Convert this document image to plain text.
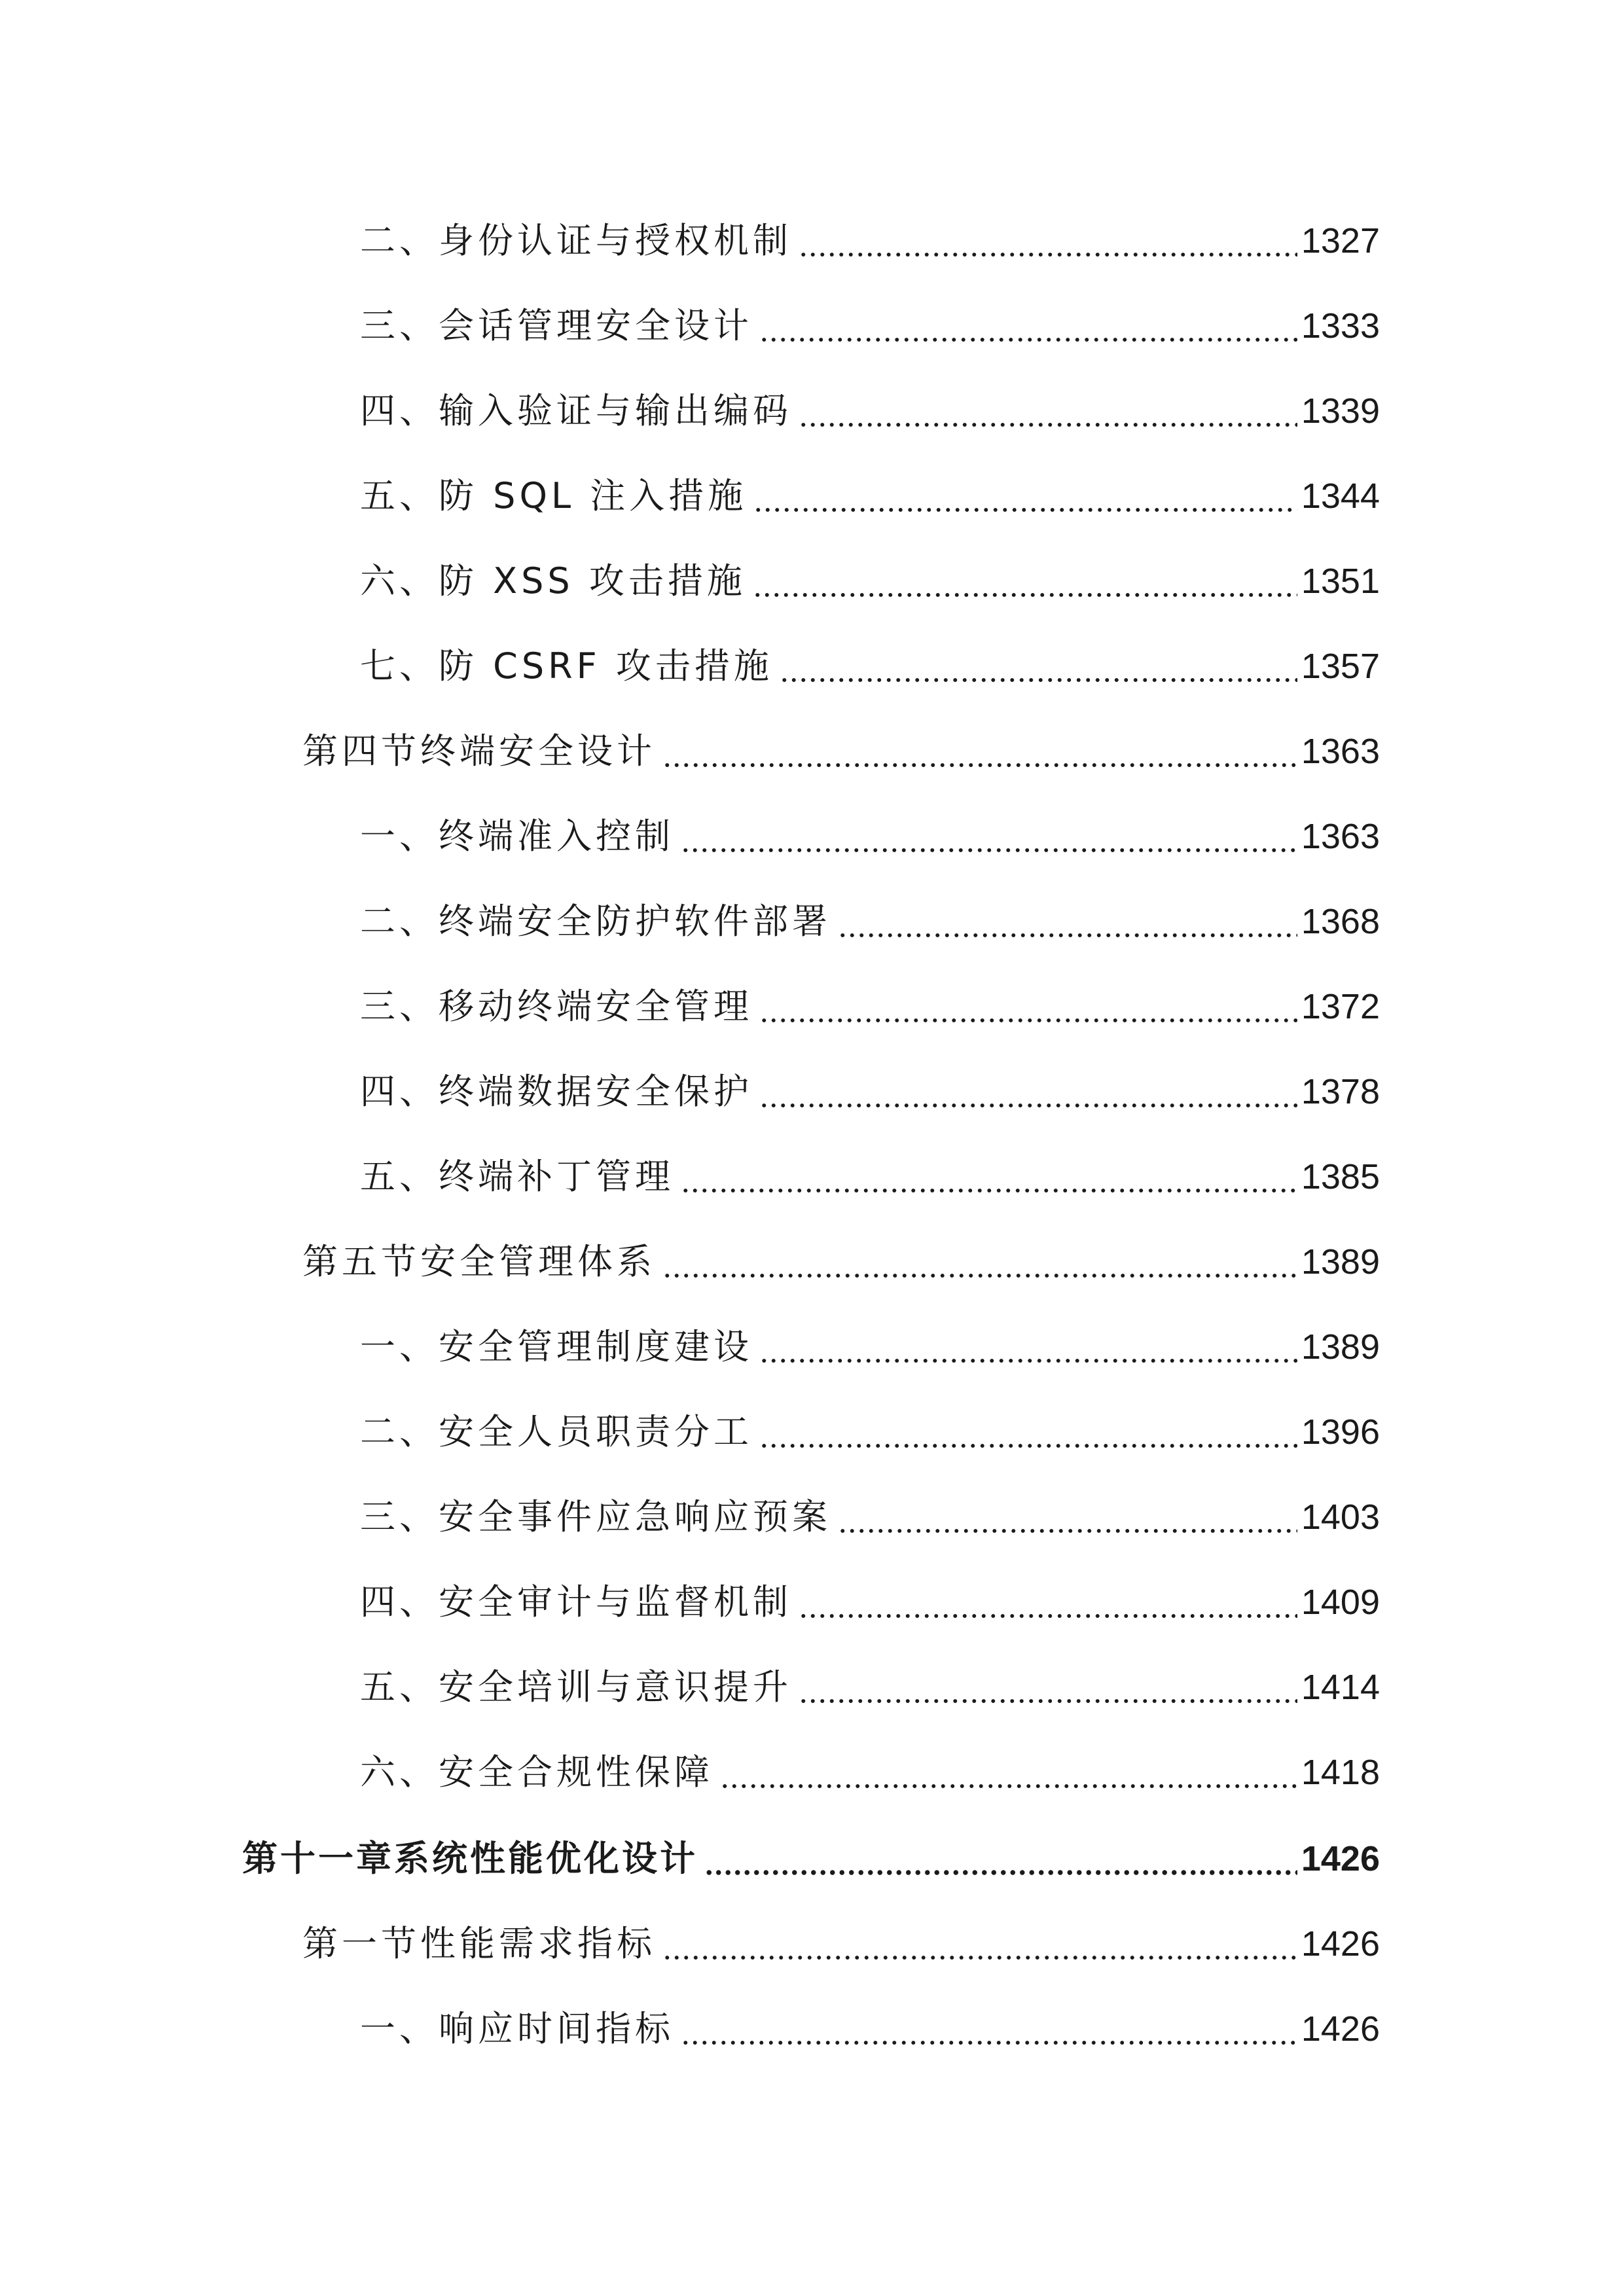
二、身份认证与授权机制	1327
三、会话管理安全设计	1333
四、输入验证与输出编码	1339
五、防 SQL 注入措施	1344
六、防 XSS 攻击措施	1351
七、防 CSRF 攻击措施	1357
第四节终端安全设计	1363
一、终端准入控制	1363
二、终端安全防护软件部署	1368
三、移动终端安全管理	1372
四、终端数据安全保护	1378
五、终端补丁管理	1385
第五节安全管理体系	1389
一、安全管理制度建设	1389
二、安全人员职责分工	1396
三、安全事件应急响应预案	1403
四、安全审计与监督机制	1409
五、安全培训与意识提升	1414
六、安全合规性保障	1418
第十一章系统性能优化设计	1426
第一节性能需求指标	1426
一、响应时间指标	1426
